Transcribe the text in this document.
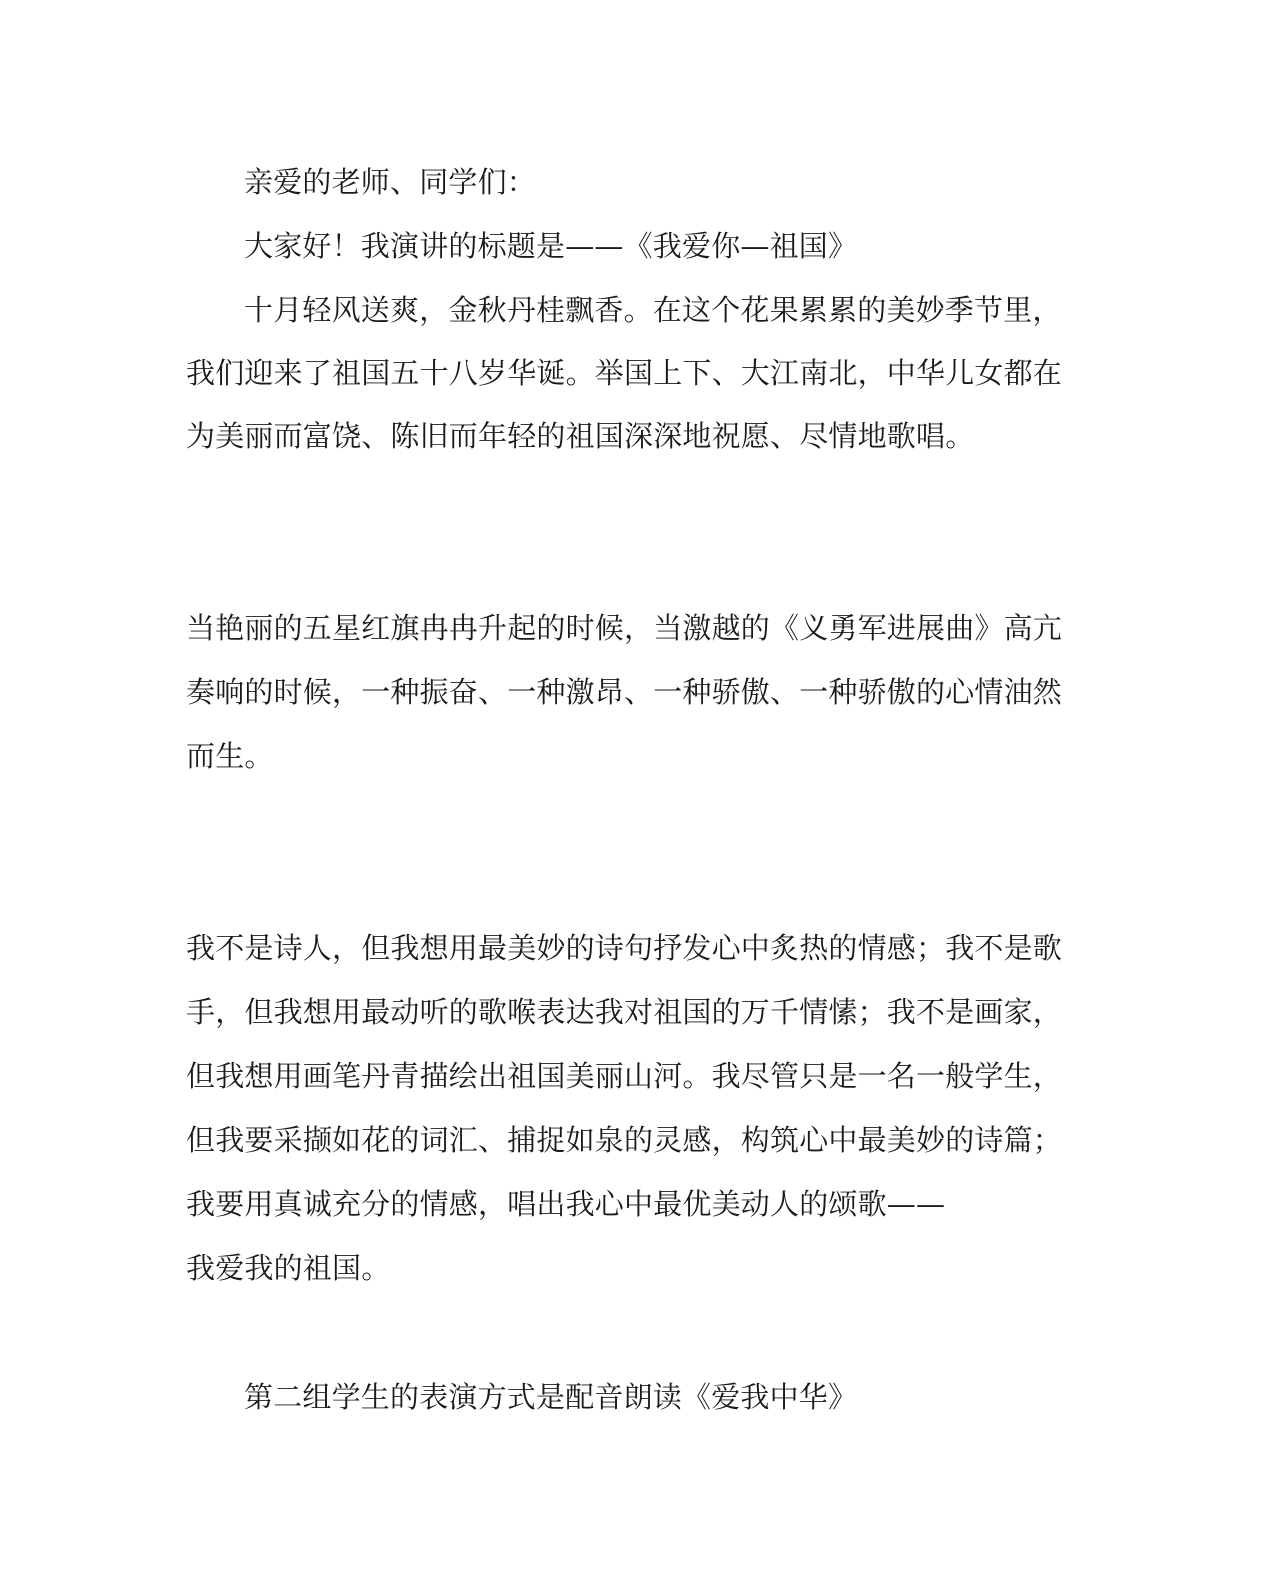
亲爱的老师、同学们：
大家好！我演讲的标题是——《我爱你—祖国》
十月轻风送爽，金秋丹桂飘香。在这个花果累累的美妙季节里，
我们迎来了祖国五十八岁华诞。举国上下、大江南北，中华儿女都在
为美丽而富饶、陈旧而年轻的祖国深深地祝愿、尽情地歌唱。
当艳丽的五星红旗冉冉升起的时候，当激越的《义勇军进展曲》高亢
奏响的时候，一种振奋、一种激昂、一种骄傲、一种骄傲的心情油然
而生。
我不是诗人，但我想用最美妙的诗句抒发心中炙热的情感；我不是歌
手，但我想用最动听的歌喉表达我对祖国的万千情愫；我不是画家，
但我想用画笔丹青描绘出祖国美丽山河。我尽管只是一名一般学生，
但我要采撷如花的词汇、捕捉如泉的灵感，构筑心中最美妙的诗篇；
我要用真诚充分的情感，唱出我心中最优美动人的颂歌——
我爱我的祖国。
第二组学生的表演方式是配音朗读《爱我中华》
